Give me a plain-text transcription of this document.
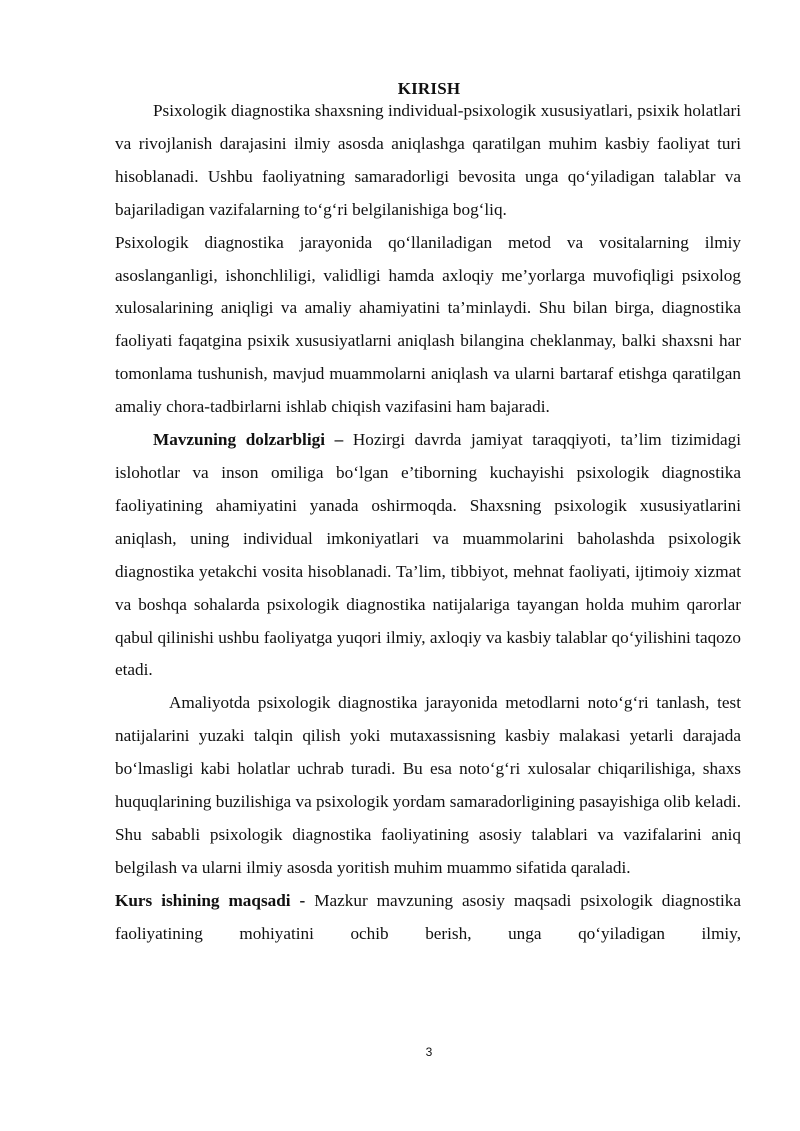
KIRISH

Psixologik diagnostika shaxsning individual-psixologik xususiyatlari, psixik holatlari va rivojlanish darajasini ilmiy asosda aniqlashga qaratilgan muhim kasbiy faoliyat turi hisoblanadi. Ushbu faoliyatning samaradorligi bevosita unga qo‘yiladigan talablar va bajariladigan vazifalarning to‘g‘ri belgilanishiga bog‘liq.

Psixologik diagnostika jarayonida qo‘llaniladigan metod va vositalarning ilmiy asoslanganligi, ishonchliligi, validligi hamda axloqiy me’yorlarga muvofiqligi psixolog xulosalarining aniqligi va amaliy ahamiyatini ta’minlaydi. Shu bilan birga, diagnostika faoliyati faqatgina psixik xususiyatlarni aniqlash bilangina cheklanmay, balki shaxsni har tomonlama tushunish, mavjud muammolarni aniqlash va ularni bartaraf etishga qaratilgan amaliy chora-tadbirlarni ishlab chiqish vazifasini ham bajaradi.

Mavzuning dolzarbligi – Hozirgi davrda jamiyat taraqqiyoti, ta’lim tizimidagi islohotlar va inson omiliga bo‘lgan e’tiborning kuchayishi psixologik diagnostika faoliyatining ahamiyatini yanada oshirmoqda. Shaxsning psixologik xususiyatlarini aniqlash, uning individual imkoniyatlari va muammolarini baholashda psixologik diagnostika yetakchi vosita hisoblanadi. Ta’lim, tibbiyot, mehnat faoliyati, ijtimoiy xizmat va boshqa sohalarda psixologik diagnostika natijalariga tayangan holda muhim qarorlar qabul qilinishi ushbu faoliyatga yuqori ilmiy, axloqiy va kasbiy talablar qo‘yilishini taqozo etadi.

Amaliyotda psixologik diagnostika jarayonida metodlarni noto‘g‘ri tanlash, test natijalarini yuzaki talqin qilish yoki mutaxassisning kasbiy malakasi yetarli darajada bo‘lmasligi kabi holatlar uchrab turadi. Bu esa noto‘g‘ri xulosalar chiqarilishiga, shaxs huquqlarining buzilishiga va psixologik yordam samaradorligining pasayishiga olib keladi. Shu sababli psixologik diagnostika faoliyatining asosiy talablari va vazifalarini aniq belgilash va ularni ilmiy asosda yoritish muhim muammo sifatida qaraladi.

Kurs ishining maqsadi - Mazkur mavzuning asosiy maqsadi psixologik diagnostika faoliyatining mohiyatini ochib berish, unga qo‘yiladigan ilmiy,

3
